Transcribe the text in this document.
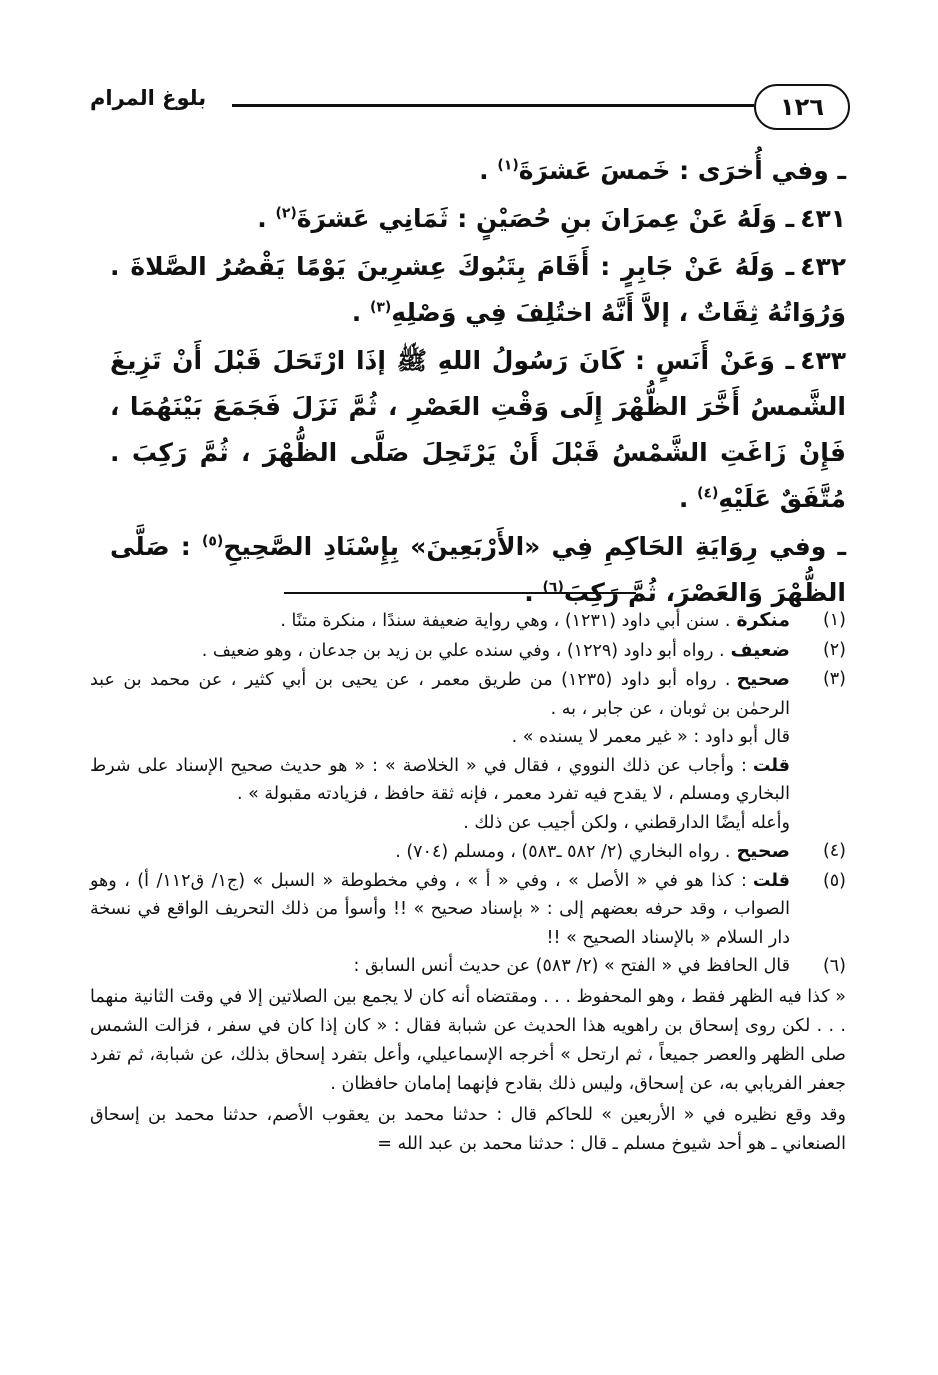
١٢٦
بلوغ المرام

ـ وفي أُخرَى : خَمسَ عَشرَةَ$^{(١)}$ .

٤٣١ـ وَلَهُ عَنْ عِمرَانَ بنِ حُصَيْنٍ : ثَمَانِي عَشرَةَ$^{(٢)}$ .

٤٣٢ـ وَلَهُ عَنْ جَابِرٍ : أَقَامَ بِتَبُوكَ عِشرِينَ يَوْمًا يَقْصُرُ الصَّلاةَ . وَرُوَاتُهُ ثِقَاتٌ ، إلاَّ أَنَّهُ اختُلِفَ فِي وَصْلِهِ$^{(٣)}$ .

٤٣٣ـ وَعَنْ أَنَسٍ : كَانَ رَسُولُ اللهِ ﷺ إذَا ارْتَحَلَ قَبْلَ أَنْ تَزِيغَ الشَّمسُ أَخَّرَ الظُّهْرَ إِلَى وَقْتِ العَصْرِ ، ثُمَّ نَزَلَ فَجَمَعَ بَيْنَهُمَا ، فَإِنْ زَاغَتِ الشَّمْسُ قَبْلَ أَنْ يَرْتَحِلَ صَلَّى الظُّهْرَ ، ثُمَّ رَكِبَ . مُتَّفَقٌ عَلَيْهِ$^{(٤)}$ .

ـ وفي رِوَايَةِ الحَاكِمِ فِي «الأَرْبَعِينَ» بِإِسْنَادِ الصَّحِيحِ$^{(٥)}$ : صَلَّى الظُّهْرَ وَالعَصْرَ، ثُمَّ رَكِبَ$^{(٦)}$ .

(١)
منكرة. سنن أبي داود (١٢٣١) ، وهي رواية ضعيفة سندًا ، منكرة متنًا .
(٢)
ضعيف. رواه أبو داود (١٢٢٩) ، وفي سنده علي بن زيد بن جدعان ، وهو ضعيف .
(٣)
صحيح. رواه أبو داود (١٢٣٥) من طريق معمر ، عن يحيى بن أبي كثير ، عن محمد بن عبد الرحمٰن بن ثوبان ، عن جابر ، به .
قال أبو داود : « غير معمر لا يسنده » .
قلت: وأجاب عن ذلك النووي ، فقال في « الخلاصة » : « هو حديث صحيح الإسناد على شرط البخاري ومسلم ، لا يقدح فيه تفرد معمر ، فإنه ثقة حافظ ، فزيادته مقبولة » .
وأعله أيضًا الدارقطني ، ولكن أجيب عن ذلك .
(٤)
صحيح. رواه البخاري (٢/ ٥٨٢ ـ٥٨٣) ، ومسلم (٧٠٤) .
(٥)
قلت: كذا هو في « الأصل » ، وفي « أ » ، وفي مخطوطة « السبل » (ج١/ ق١١٢/ أ) ، وهو الصواب ، وقد حرفه بعضهم إلى : « بإسناد صحيح » !! وأسوأ من ذلك التحريف الواقع في نسخة دار السلام « بالإسناد الصحيح » !!
(٦)
قال الحافظ في « الفتح » (٢/ ٥٨٣) عن حديث أنس السابق :
« كذا فيه الظهر فقط ، وهو المحفوظ . . . ومقتضاه أنه كان لا يجمع بين الصلاتين إلا في وقت الثانية منهما . . . لكن روى إسحاق بن راهويه هذا الحديث عن شبابة فقال : « كان إذا كان في سفر ، فزالت الشمس صلى الظهر والعصر جميعاً ، ثم ارتحل » أخرجه الإسماعيلي، وأعل بتفرد إسحاق بذلك، عن شبابة، ثم تفرد جعفر الفريابي به، عن إسحاق، وليس ذلك بقادح فإنهما إمامان حافظان .
وقد وقع نظيره في « الأربعين » للحاكم قال : حدثنا محمد بن يعقوب الأصم، حدثنا محمد بن إسحاق الصنعاني ـ هو أحد شيوخ مسلم ـ قال : حدثنا محمد بن عبد الله =
